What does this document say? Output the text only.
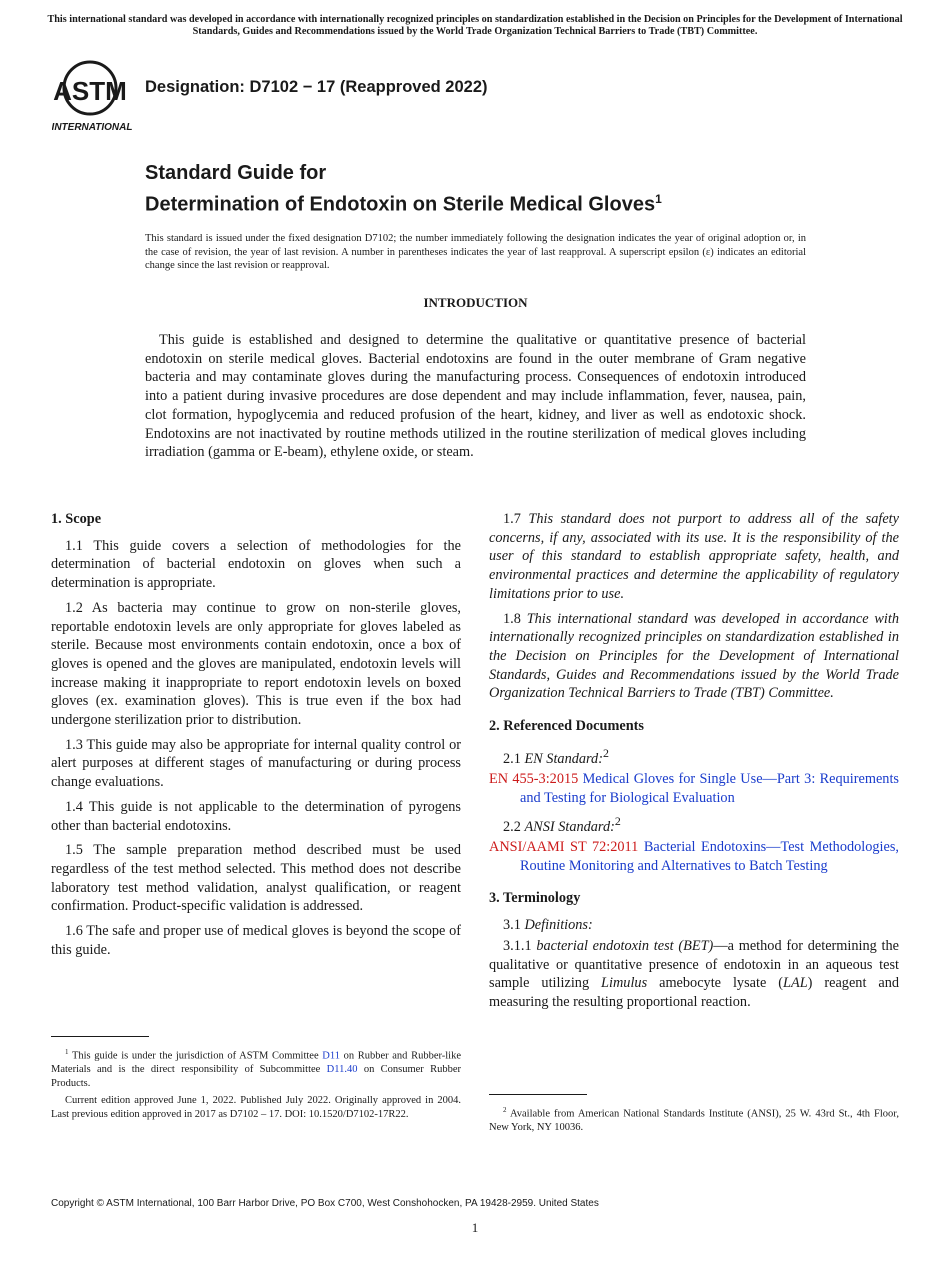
This international standard was developed in accordance with internationally recognized principles on standardization established in the Decision on Principles for the Development of International Standards, Guides and Recommendations issued by the World Trade Organization Technical Barriers to Trade (TBT) Committee.
ASTM
INTERNATIONAL
Designation: D7102 − 17 (Reapproved 2022)
Standard Guide for
Determination of Endotoxin on Sterile Medical Gloves$^1$
This standard is issued under the fixed designation D7102; the number immediately following the designation indicates the year of original adoption or, in the case of revision, the year of last revision. A number in parentheses indicates the year of last reapproval. A superscript epsilon (ε) indicates an editorial change since the last revision or reapproval.
INTRODUCTION

This guide is established and designed to determine the qualitative or quantitative presence of bacterial endotoxin on sterile medical gloves. Bacterial endotoxins are found in the outer membrane of Gram negative bacteria and may contaminate gloves during the manufacturing process. Consequences of endotoxin introduced into a patient during invasive procedures are dose dependent and may include inflammation, fever, nausea, pain, clot formation, hypoglycemia and reduced profusion of the heart, kidney, and liver as well as endotoxic shock. Endotoxins are not inactivated by routine methods utilized in the routine sterilization of medical gloves including irradiation (gamma or E-beam), ethylene oxide, or steam.

1. Scope

1.1 This guide covers a selection of methodologies for the determination of bacterial endotoxin on gloves when such a determination is appropriate.

1.2 As bacteria may continue to grow on non-sterile gloves, reportable endotoxin levels are only appropriate for gloves labeled as sterile. Because most environments contain endotoxin, once a box of gloves is opened and the gloves are manipulated, endotoxin levels will increase making it inappropriate to report endotoxin levels on boxed gloves (ex. examination gloves). This is true even if the box had undergone sterilization prior to distribution.

1.3 This guide may also be appropriate for internal quality control or alert purposes at different stages of manufacturing or during process change evaluations.

1.4 This guide is not applicable to the determination of pyrogens other than bacterial endotoxins.

1.5 The sample preparation method described must be used regardless of the test method selected. This method does not describe laboratory test method validation, analyst qualification, or reagent confirmation. Product-specific validation is addressed.

1.6 The safe and proper use of medical gloves is beyond the scope of this guide.

1.7 This standard does not purport to address all of the safety concerns, if any, associated with its use. It is the responsibility of the user of this standard to establish appropriate safety, health, and environmental practices and determine the applicability of regulatory limitations prior to use.

1.8 This international standard was developed in accordance with internationally recognized principles on standardization established in the Decision on Principles for the Development of International Standards, Guides and Recommendations issued by the World Trade Organization Technical Barriers to Trade (TBT) Committee.

2. Referenced Documents

2.1 EN Standard:$^2$

EN 455-3:2015 Medical Gloves for Single Use—Part 3: Requirements and Testing for Biological Evaluation

2.2 ANSI Standard:$^2$

ANSI/AAMI ST 72:2011 Bacterial Endotoxins—Test Methodologies, Routine Monitoring and Alternatives to Batch Testing
3. Terminology

3.1 Definitions:

3.1.1 bacterial endotoxin test (BET)—a method for determining the qualitative or quantitative presence of endotoxin in an aqueous test sample utilizing Limulus amebocyte lysate (LAL) reagent and measuring the resulting proportional reaction.

$^1$ This guide is under the jurisdiction of ASTM Committee D11 on Rubber and Rubber-like Materials and is the direct responsibility of Subcommittee D11.40 on Consumer Rubber Products.

Current edition approved June 1, 2022. Published July 2022. Originally approved in 2004. Last previous edition approved in 2017 as D7102 – 17. DOI: 10.1520/D7102-17R22.	$^2$ Available from American National Standards Institute (ANSI), 25 W. 43rd St., 4th Floor, New York, NY 10036.

Copyright © ASTM International, 100 Barr Harbor Drive, PO Box C700, West Conshohocken, PA 19428-2959. United States
1
